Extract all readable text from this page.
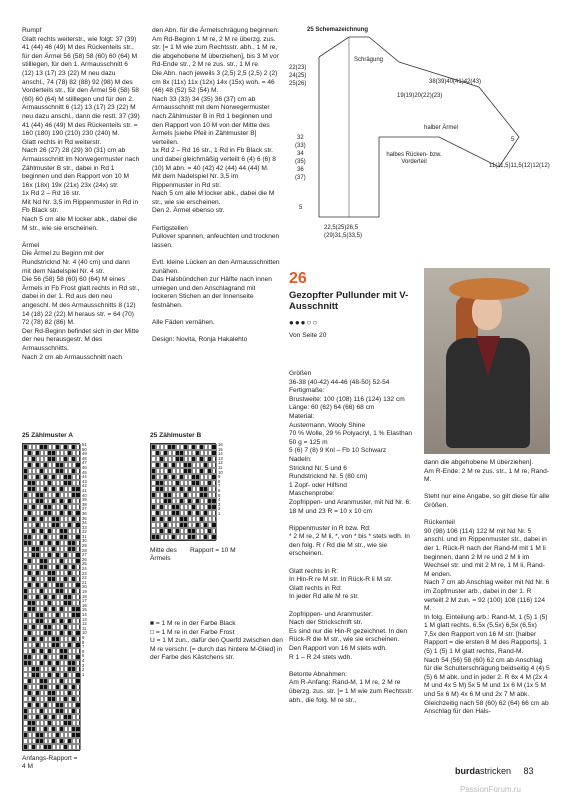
Rumpf
Glatt rechts weiterstr., wie folgt: 37 (39) 41 (44) 46 (49) M des Rückenteils str., für den Ärmel 56 (58) 58 (60) 60 (64) M stilllegen, für den 1. Armausschnitt 6 (12) 13 (17) 23 (22) M neu dazu anschl., 74 (78) 82 (88) 92 (98) M des Vorderteils str., für den Ärmel 56 (58) 58 (60) 60 (64) M stilllegen und für den 2. Armausschnitt 6 (12) 13 (17) 23 (22) M neu dazu anschl., dann die restl. 37 (39) 41 (44) 46 (49) M des Rückenteils str. = 160 (180) 190 (210) 230 (240) M.
Glatt rechts in Rd weiterstr.
Nach 26 (27) 28 (29) 30 (31) cm ab Armausschnitt im Norwegermuster nach Zählmuster B str., dabei in Rd 1 beginnen und den Rapport von 10 M 16x (18x) 19x (21x) 23x (24x) str.
1x Rd 2 – Rd 16 str.
Mit Nd Nr. 3,5 im Rippenmuster in Rd in Fb Black str.
Nach 5 cm alle M locker abk., dabei die M str., wie sie erscheinen.

Ärmel
Die Ärmel zu Beginn mit der Rundstricknd Nr. 4 (40 cm) und dann mit dem Nadelspiel Nr. 4 str.
Die 56 (58) 58 (60) 60 (64) M eines Ärmels in Fb Frost glatt rechts in Rd str., dabei in der 1. Rd aus den neu angeschl. M des Armausschnitts 8 (12) 14 (18) 22 (22) M heraus str. = 64 (70) 72 (78) 82 (86) M.
Der Rd-Beginn befindet sich in der Mitte der neu herausgestr. M des Armausschnitts.
Nach 2 cm ab Armausschnitt nach
den Abn. für die Ärmelschrägung beginnen: Am Rd-Beginn 1 M re, 2 M re überzg. zus. str. [= 1 M wie zum Rechtsstr. abh., 1 M re, die abgehobene M überziehen], bis 3 M vor Rd-Ende str., 2 M re zus. str., 1 M re.
Die Abn. nach jeweils 3 (2,5) 2,5 (2,5) 2 (2) cm 8x (11x) 11x (12x) 14x (15x) woh. = 46 (46) 48 (52) 52 (54) M.
Nach 33 (33) 34 (35) 36 (37) cm ab Armausschnitt mit dem Norwegermuster nach Zählmuster B in Rd 1 beginnen und den Rapport von 10 M von der Mitte des Ärmels [siehe Pfeil in Zählmuster B] verteilen.
1x Rd 2 – Rd 16 str., 1 Rd in Fb Black str. und dabei gleichmäßig verteilt 6 (4) 6 (6) 8 (10) M abn. = 40 (42) 42 (44) 44 (44) M.
Mit dem Nadelspiel Nr. 3,5 im Rippenmuster in Rd str.
Nach 5 cm alle M locker abk., dabei die M str., wie sie erscheinen.
Den 2. Ärmel ebenso str.

Fertigstellen
Pullover spannen, anfeuchten und trocknen lassen.

Evtl. kleine Lücken an den Armausschnitten zunähen.
Das Halsbündchen zur Hälfte nach innen umlegen und den Anschlagrand mit lockeren Stichen an der Innenseite festnähen.

Alle Fäden vernähen.

Design: Novita, Ronja Hakalehto
25 Schemazeichnung
22(23)
24(25)
25(26)
32
(33)
34
(35)
36
(37)
5
22,5(25)26,5
(29)31,5(33,5)
halbes Rücken- bzw. Vorderteil
halber Ärmel
Schrägung
38(39)40(41)42(43)
19(19)20(22)(23)
11(11,5)11,5(12)12(12)
5
26
Gezopfter Pullunder mit V-Ausschnitt
●●●○○
Von Seite 20
Größen
36-38 (40-42) 44-46 (48-50) 52-54
Fertigmaße:
Brustweite: 100 (108) 116 (124) 132 cm
Länge: 60 (62) 64 (66) 68 cm
Material:
Austermann, Wooly Shine
70 % Wolle, 29 % Polyacryl, 1 % Elasthan
50 g = 125 m
5 (6) 7 (8) 9 Knl – Fb 10 Schwarz
Nadeln:
Stricknd Nr. 5 und 6
Rundstricknd Nr. 5 (80 cm)
1 Zopf- oder Hilfsnd
Maschenprobe:
Zopfrippen- und Aranmuster, mit Nd Nr. 6: 18 M und 23 R = 10 x 10 cm

Rippenmuster in R bzw. Rd:
* 2 M re, 2 M li, *, von * bis * stets wdh. In den folg. R / Rd die M str., wie sie erscheinen.

Glatt rechts in R:
In Hin-R re M str. In Rück-R li M str.
Glatt rechts in Rd:
In jeder Rd alle M re str.

Zopfrippen- und Aranmuster:
Nach der Strickschrift str.
Es sind nur die Hin-R gezeichnet. In den Rück-R die M str., wie sie erscheinen.
Den Rapport von 16 M stets wdh.
R 1 – R 24 stets wdh.

Betonte Abnahmen:
Am R-Anfang: Rand-M, 1 M re, 2 M re überzg. zus. str. [= 1 M wie zum Rechtsstr. abh., die folg. M re str.,
dann die abgehobene M überziehen].
Am R-Ende: 2 M re zus. str., 1 M re, Rand-M.

Steht nur eine Angabe, so gilt diese für alle Größen.

Rückenteil
90 (98) 106 (114) 122 M mit Nd Nr. 5 anschl. und im Rippenmuster str., dabei in der 1. Rück-R nach der Rand-M mit 1 M li beginnen, dann 2 M re und 2 M li im Wechsel str. und mit 2 M re, 1 M li, Rand-M enden.
Nach 7 cm ab Anschlag weiter mit Nd Nr. 6 im Zopfmuster arb., dabei in der 1. R verteilt 2 M zun. = 92 (100) 108 (116) 124 M.
In folg. Einteilung arb.: Rand-M, 1 (5) 1 (5) 1 M glatt rechts, 6,5x (5,5x) 6,5x (6,5x) 7,5x den Rapport von 16 M str. [halber Rapport = die ersten 8 M des Rapports], 1 (5) 1 (5) 1 M glatt rechts, Rand-M.
Nach 54 (56) 58 (60) 62 cm ab Anschlag für die Schulterschrägung beidseitig 4 (4) 5 (5) 6 M abk. und in jeder 2. R 6x 4 M (2x 4 M und 4x 5 M) 5x 5 M und 1x 6 M (1x 5 M und 5x 6 M) 4x 6 M und 2x 7 M abk.
Gleichzeitig nach 58 (60) 62 (64) 66 cm ab Anschlag für den Hals-
25 Zählmuster A
51
50
49
48
47
46
45
44
43
42
41
40
39
38
37
36
35
34
33
32
31
30
29
28
27
26
25
24
23
22
21
20
19
18
17
16
15
14
13
12
11
10
9
8
7
6
5
4
3
2
1
Anfangs-Rapport = 4 M
25 Zählmuster B
16
15
14
13
12
11
10
9
8
7
6
5
4
3
2
1
Mitte des Ärmels
Rapport = 10 M
■ = 1 M re in der Farbe Black
□ = 1 M re in der Farbe Frost
U = 1 M zun., dafür den Querfd zwischen den M re verschr. [= durch das hintere M-Glied] in der Farbe des Kästchens str.
burdastricken 83
PassionForum.ru
